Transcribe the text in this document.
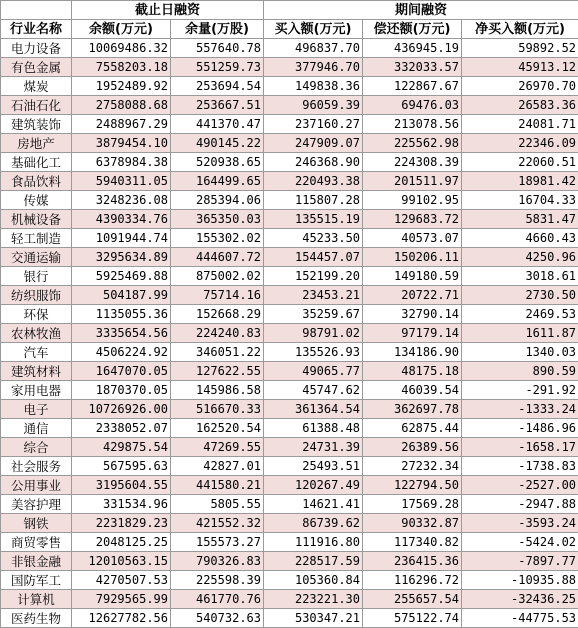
	截止日融资		期间融资		
行业名称	余额(万元)	余量(万股)	买入额(万元)	偿还额(万元)	净买入额(万元)
电力设备	10069486.32	557640.78	496837.70	436945.19	59892.52
有色金属	7558203.18	551259.73	377946.70	332033.57	45913.12
煤炭	1952489.92	253694.54	149838.36	122867.67	26970.70
石油石化	2758088.68	253667.51	96059.39	69476.03	26583.36
建筑装饰	2488967.29	441370.47	237160.27	213078.56	24081.71
房地产	3879454.10	490145.22	247909.07	225562.98	22346.09
基础化工	6378984.38	520938.65	246368.90	224308.39	22060.51
食品饮料	5940311.05	164499.65	220493.38	201511.97	18981.42
传媒	3248236.08	285394.06	115807.28	99102.95	16704.33
机械设备	4390334.76	365350.03	135515.19	129683.72	5831.47
轻工制造	1091944.74	155302.02	45233.50	40573.07	4660.43
交通运输	3295634.89	444607.72	154457.07	150206.11	4250.96
银行	5925469.88	875002.02	152199.20	149180.59	3018.61
纺织服饰	504187.99	75714.16	23453.21	20722.71	2730.50
环保	1135055.36	152668.29	35259.67	32790.14	2469.53
农林牧渔	3335654.56	224240.83	98791.02	97179.14	1611.87
汽车	4506224.92	346051.22	135526.93	134186.90	1340.03
建筑材料	1647070.05	127622.55	49065.77	48175.18	890.59
家用电器	1870370.05	145986.58	45747.62	46039.54	-291.92
电子	10726926.00	516670.33	361364.54	362697.78	-1333.24
通信	2338052.07	162520.54	61388.48	62875.44	-1486.96
综合	429875.54	47269.55	24731.39	26389.56	-1658.17
社会服务	567595.63	42827.01	25493.51	27232.34	-1738.83
公用事业	3195604.55	441580.21	120267.49	122794.50	-2527.00
美容护理	331534.96	5805.55	14621.41	17569.28	-2947.88
钢铁	2231829.23	421552.32	86739.62	90332.87	-3593.24
商贸零售	2048125.25	155573.27	111916.80	117340.82	-5424.02
非银金融	12010563.15	790326.83	228517.59	236415.36	-7897.77
国防军工	4270507.53	225598.39	105360.84	116296.72	-10935.88
计算机	7929565.99	461770.76	223221.30	255657.54	-32436.25
医药生物	12627782.56	540732.63	530347.21	575122.74	-44775.53
